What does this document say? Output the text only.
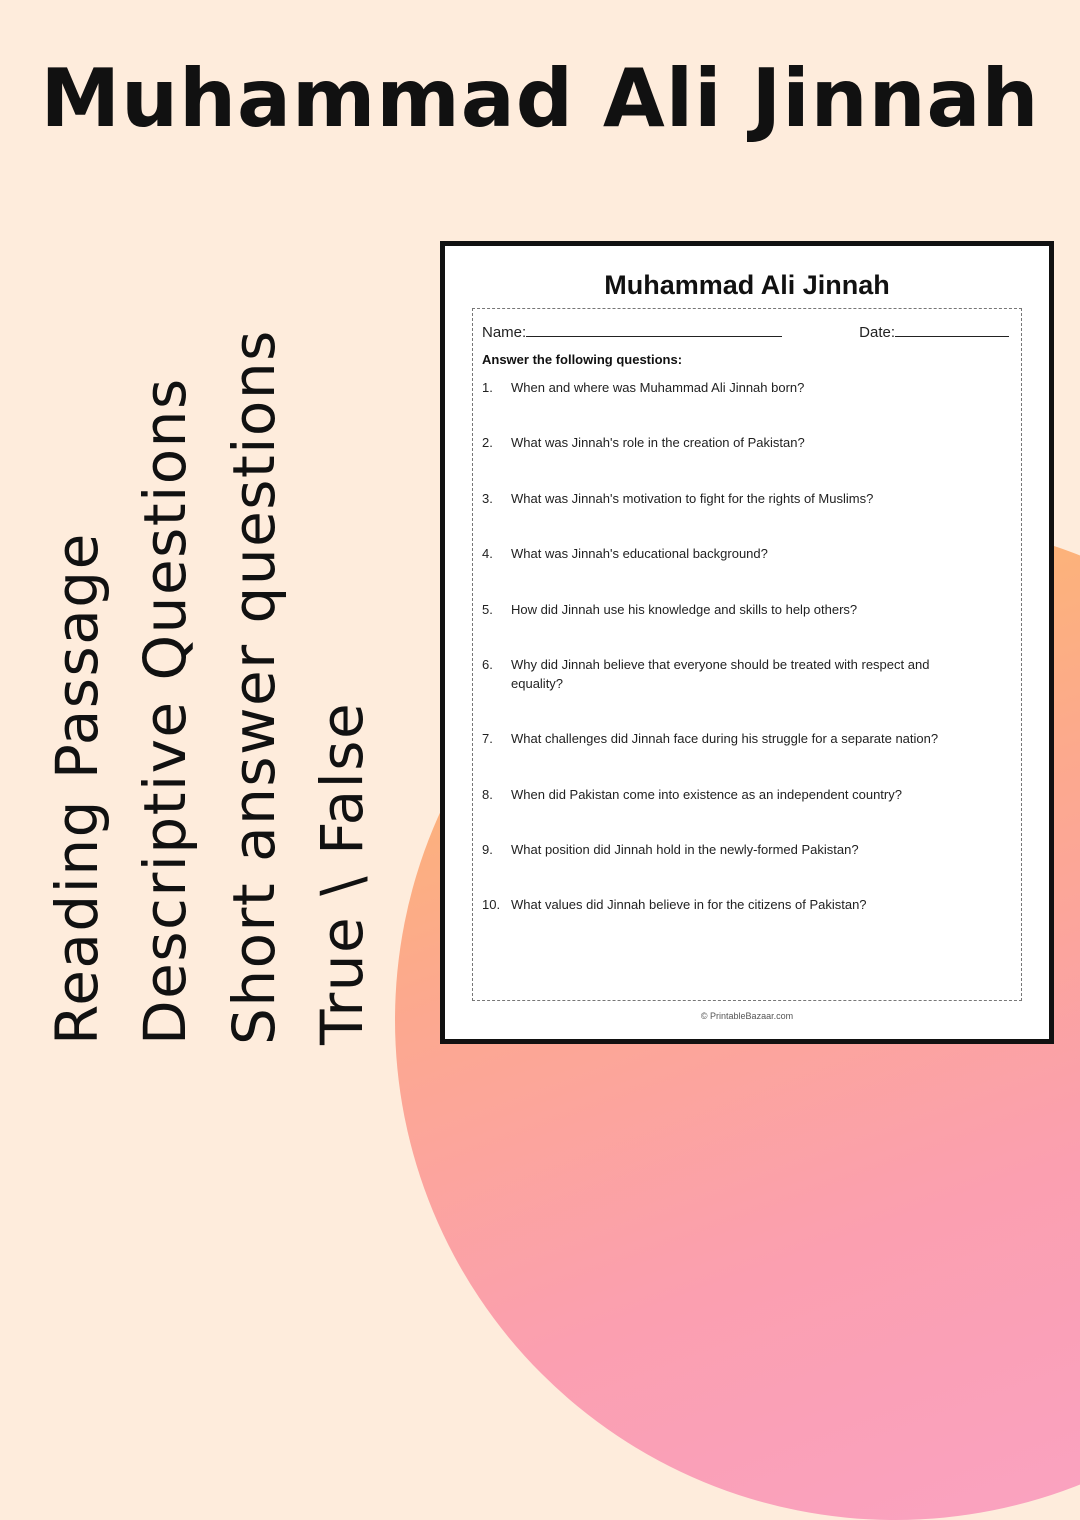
Muhammad Ali Jinnah
Reading Passage Descriptive Questions Short answer questions True \ False
Muhammad Ali Jinnah
Name:	Date:
Answer the following questions:
1.	When and where was Muhammad Ali Jinnah born?
2.	What was Jinnah's role in the creation of Pakistan?
3.	What was Jinnah's motivation to fight for the rights of Muslims?
4.	What was Jinnah's educational background?
5.	How did Jinnah use his knowledge and skills to help others?
6.	Why did Jinnah believe that everyone should be treated with respect and equality?
7.	What challenges did Jinnah face during his struggle for a separate nation?
8.	When did Pakistan come into existence as an independent country?
9.	What position did Jinnah hold in the newly-formed Pakistan?
10. What values did Jinnah believe in for the citizens of Pakistan?
© PrintableBazaar.com
